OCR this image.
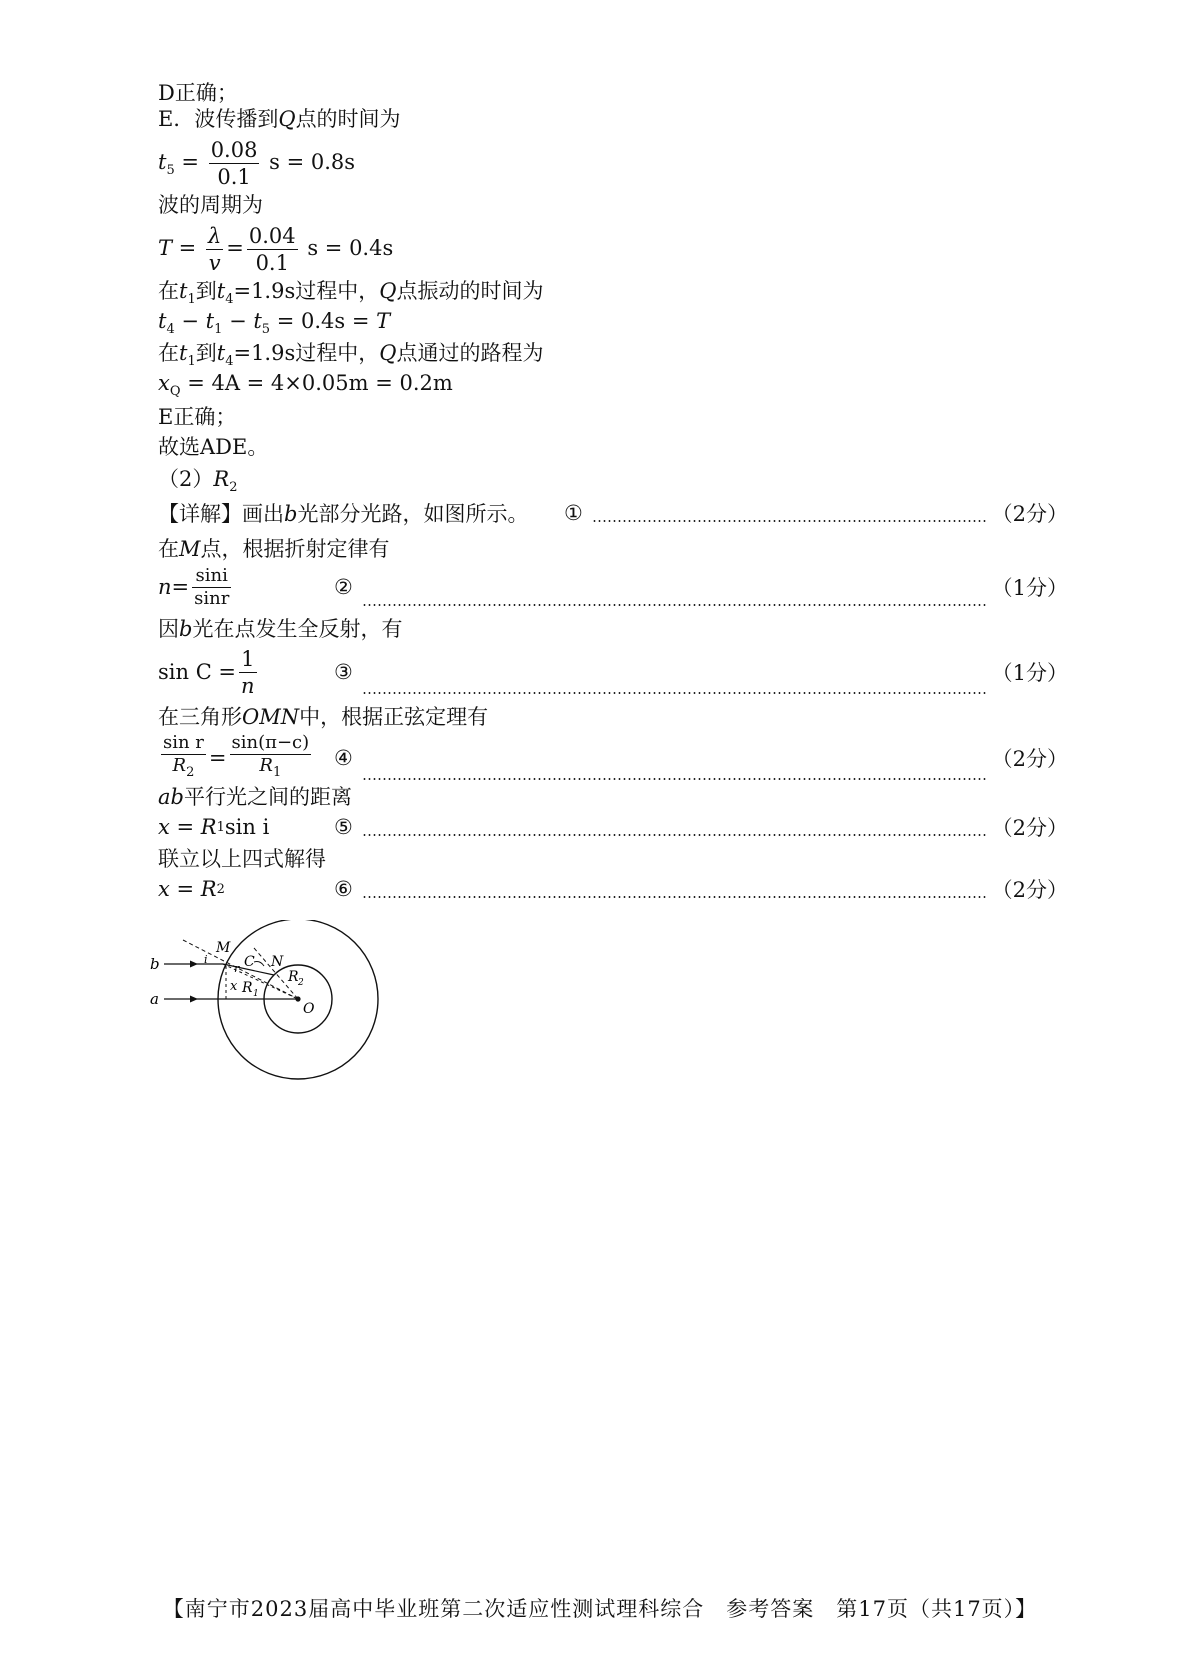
D正确；
E．波传播到Q点的时间为
$t_5 = \frac{0.08}{0.1}$ s = 0.8s
波的周期为
$T = \frac{\lambda}{v} = \frac{0.04}{0.1}$ s = 0.4s
在$t_1$到$t_4=1.9s$过程中，Q点振动的时间为
$t_4 - t_1 - t_5 = 0.4s = T$
在$t_1$到$t_4=1.9s$过程中，Q点通过的路程为
$x_Q = 4A = 4\times 0.05m = 0.2m$
E正确；
故选ADE。
$(2)R_2$
【详解】画出b光部分光路，如图所示。	①	（2分）
在M点，根据折射定律有
$n= \frac{\sin i}{\sin r}$	②	（1分）
因b光在点发生全反射，有
$\sin C = \frac{1}{n}$	③	（1分）
在三角形OMN中，根据正弦定理有
$\frac{\text{sin r}}{R_2} = \frac{\sin(\pi-c)}{R_1}$ ④	（2分）
ab平行光之间的距离
x = R 1 sin i	⑤	（2分）
联立以上四式解得
x = R 2	⑥	（2分）
b
a
M
i
r C N
x R 1
R 2
O
【南宁市2023届高中毕业班第二次适应性测试理科综合　参考答案　第17页（共17页）】
